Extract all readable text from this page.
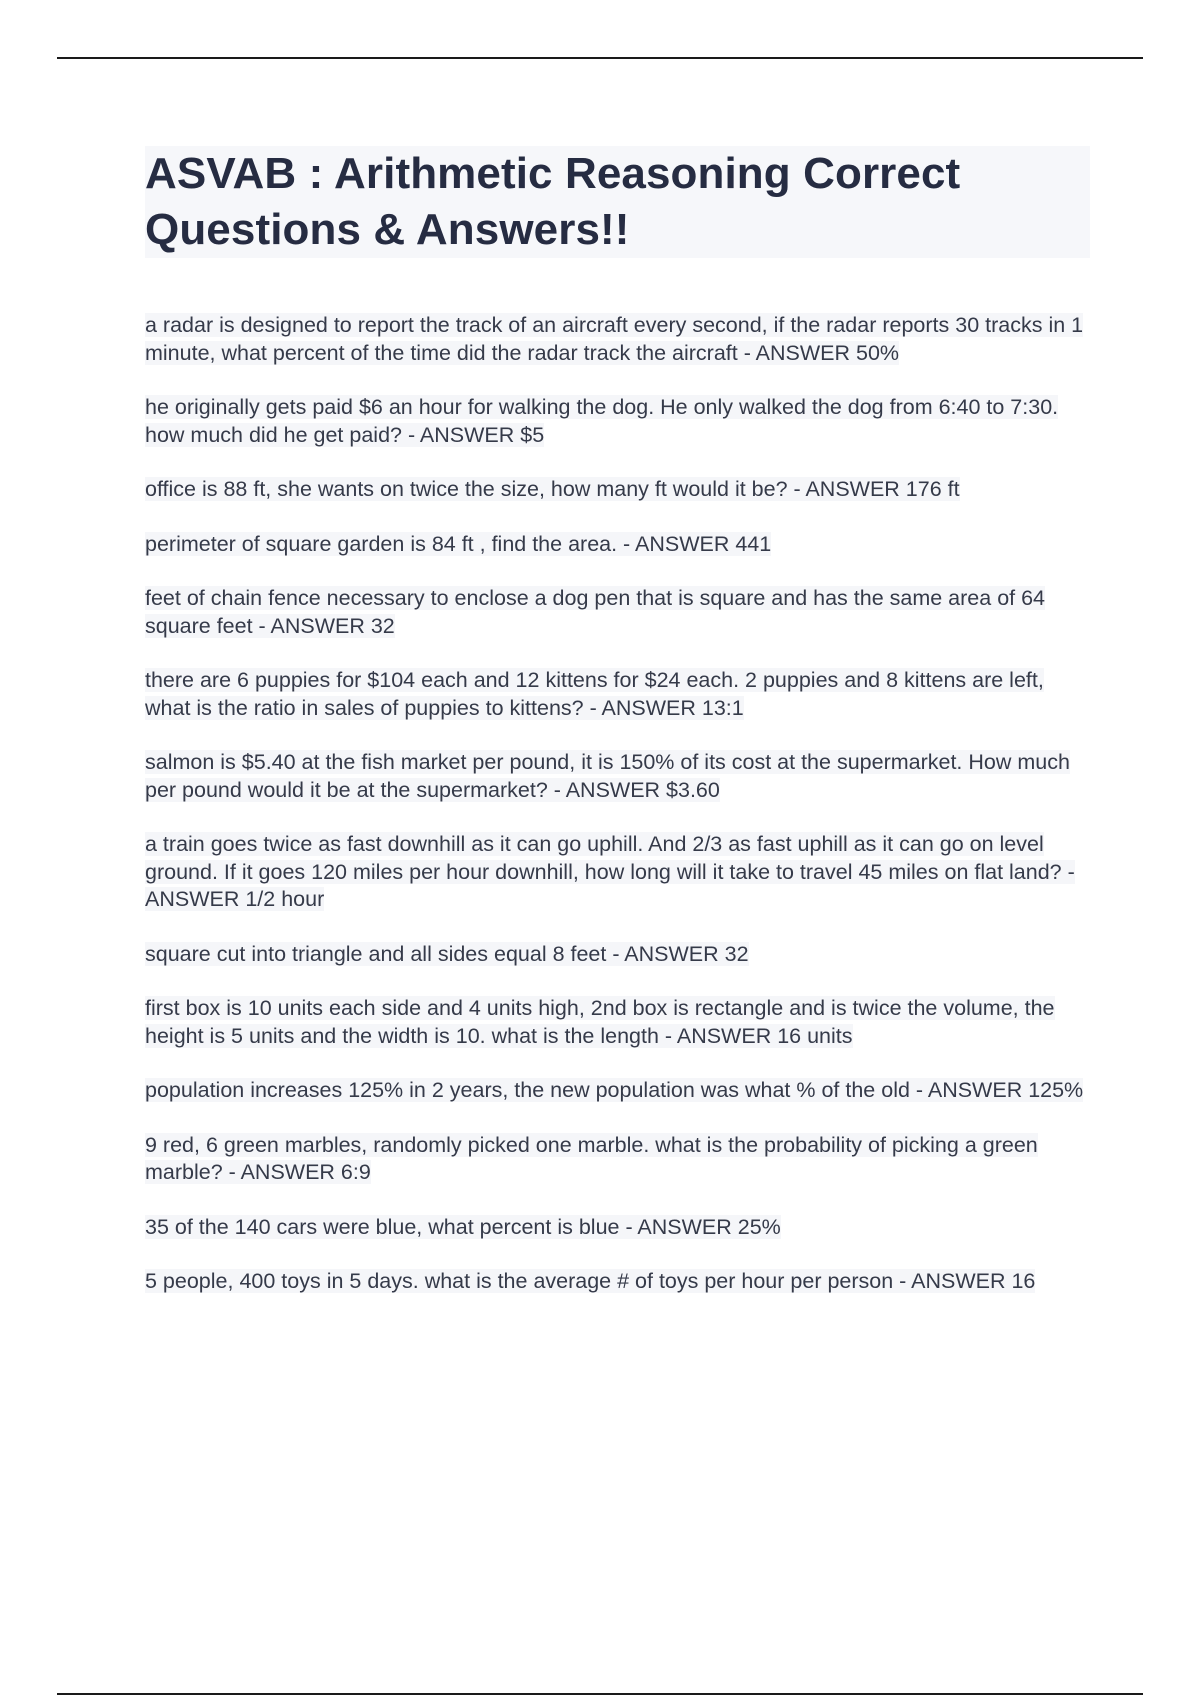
ASVAB : Arithmetic Reasoning Correct Questions & Answers!!
a radar is designed to report the track of an aircraft every second, if the radar reports 30 tracks in 1 minute, what percent of the time did the radar track the aircraft - ANSWER 50%
he originally gets paid $6 an hour for walking the dog. He only walked the dog from 6:40 to 7:30. how much did he get paid? - ANSWER $5
office is 88 ft, she wants on twice the size, how many ft would it be? - ANSWER 176 ft
perimeter of square garden is 84 ft , find the area. - ANSWER 441
feet of chain fence necessary to enclose a dog pen that is square and has the same area of 64 square feet - ANSWER 32
there are 6 puppies for $104 each and 12 kittens for $24 each. 2 puppies and 8 kittens are left, what is the ratio in sales of puppies to kittens? - ANSWER 13:1
salmon is $5.40 at the fish market per pound, it is 150% of its cost at the supermarket. How much per pound would it be at the supermarket? - ANSWER $3.60
a train goes twice as fast downhill as it can go uphill. And 2/3 as fast uphill as it can go on level ground. If it goes 120 miles per hour downhill, how long will it take to travel 45 miles on flat land? - ANSWER 1/2 hour
square cut into triangle and all sides equal 8 feet - ANSWER 32
first box is 10 units each side and 4 units high, 2nd box is rectangle and is twice the volume, the height is 5 units and the width is 10. what is the length - ANSWER 16 units
population increases 125% in 2 years, the new population was what % of the old - ANSWER 125%
9 red, 6 green marbles, randomly picked one marble. what is the probability of picking a green marble? - ANSWER 6:9
35 of the 140 cars were blue, what percent is blue - ANSWER 25%
5 people, 400 toys in 5 days. what is the average # of toys per hour per person - ANSWER 16
